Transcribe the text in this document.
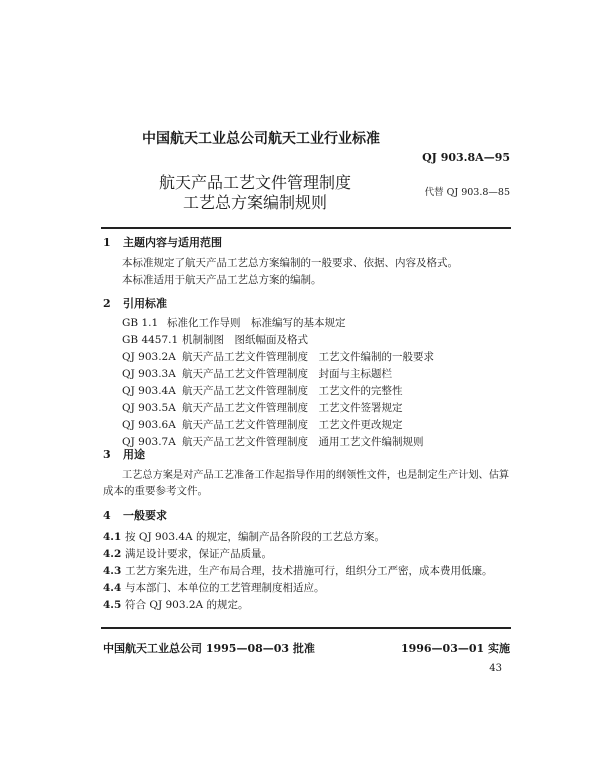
中国航天工业总公司航天工业行业标准
QJ 903.8A—95
航天产品工艺文件管理制度
工艺总方案编制规则
代替 QJ 903.8—85
1 主题内容与适用范围
本标准规定了航天产品工艺总方案编制的一般要求、依据、内容及格式。
本标准适用于航天产品工艺总方案的编制。
2 引用标准
GB 1.1 标准化工作导则　标准编写的基本规定
GB 4457.1 机制制图　图纸幅面及格式
QJ 903.2A 航天产品工艺文件管理制度　工艺文件编制的一般要求
QJ 903.3A 航天产品工艺文件管理制度　封面与主标题栏
QJ 903.4A 航天产品工艺文件管理制度　工艺文件的完整性
QJ 903.5A 航天产品工艺文件管理制度　工艺文件签署规定
QJ 903.6A 航天产品工艺文件管理制度　工艺文件更改规定
QJ 903.7A 航天产品工艺文件管理制度　通用工艺文件编制规则
3 用途
工艺总方案是对产品工艺准备工作起指导作用的纲领性文件，也是制定生产计划、估算
成本的重要参考文件。
4 一般要求
4.1 按 QJ 903.4A 的规定，编制产品各阶段的工艺总方案。
4.2 满足设计要求，保证产品质量。
4.3 工艺方案先进，生产布局合理，技术措施可行，组织分工严密，成本费用低廉。
4.4 与本部门、本单位的工艺管理制度相适应。
4.5 符合 QJ 903.2A 的规定。
中国航天工业总公司 1995—08—03 批准	1996—03—01 实施
43
